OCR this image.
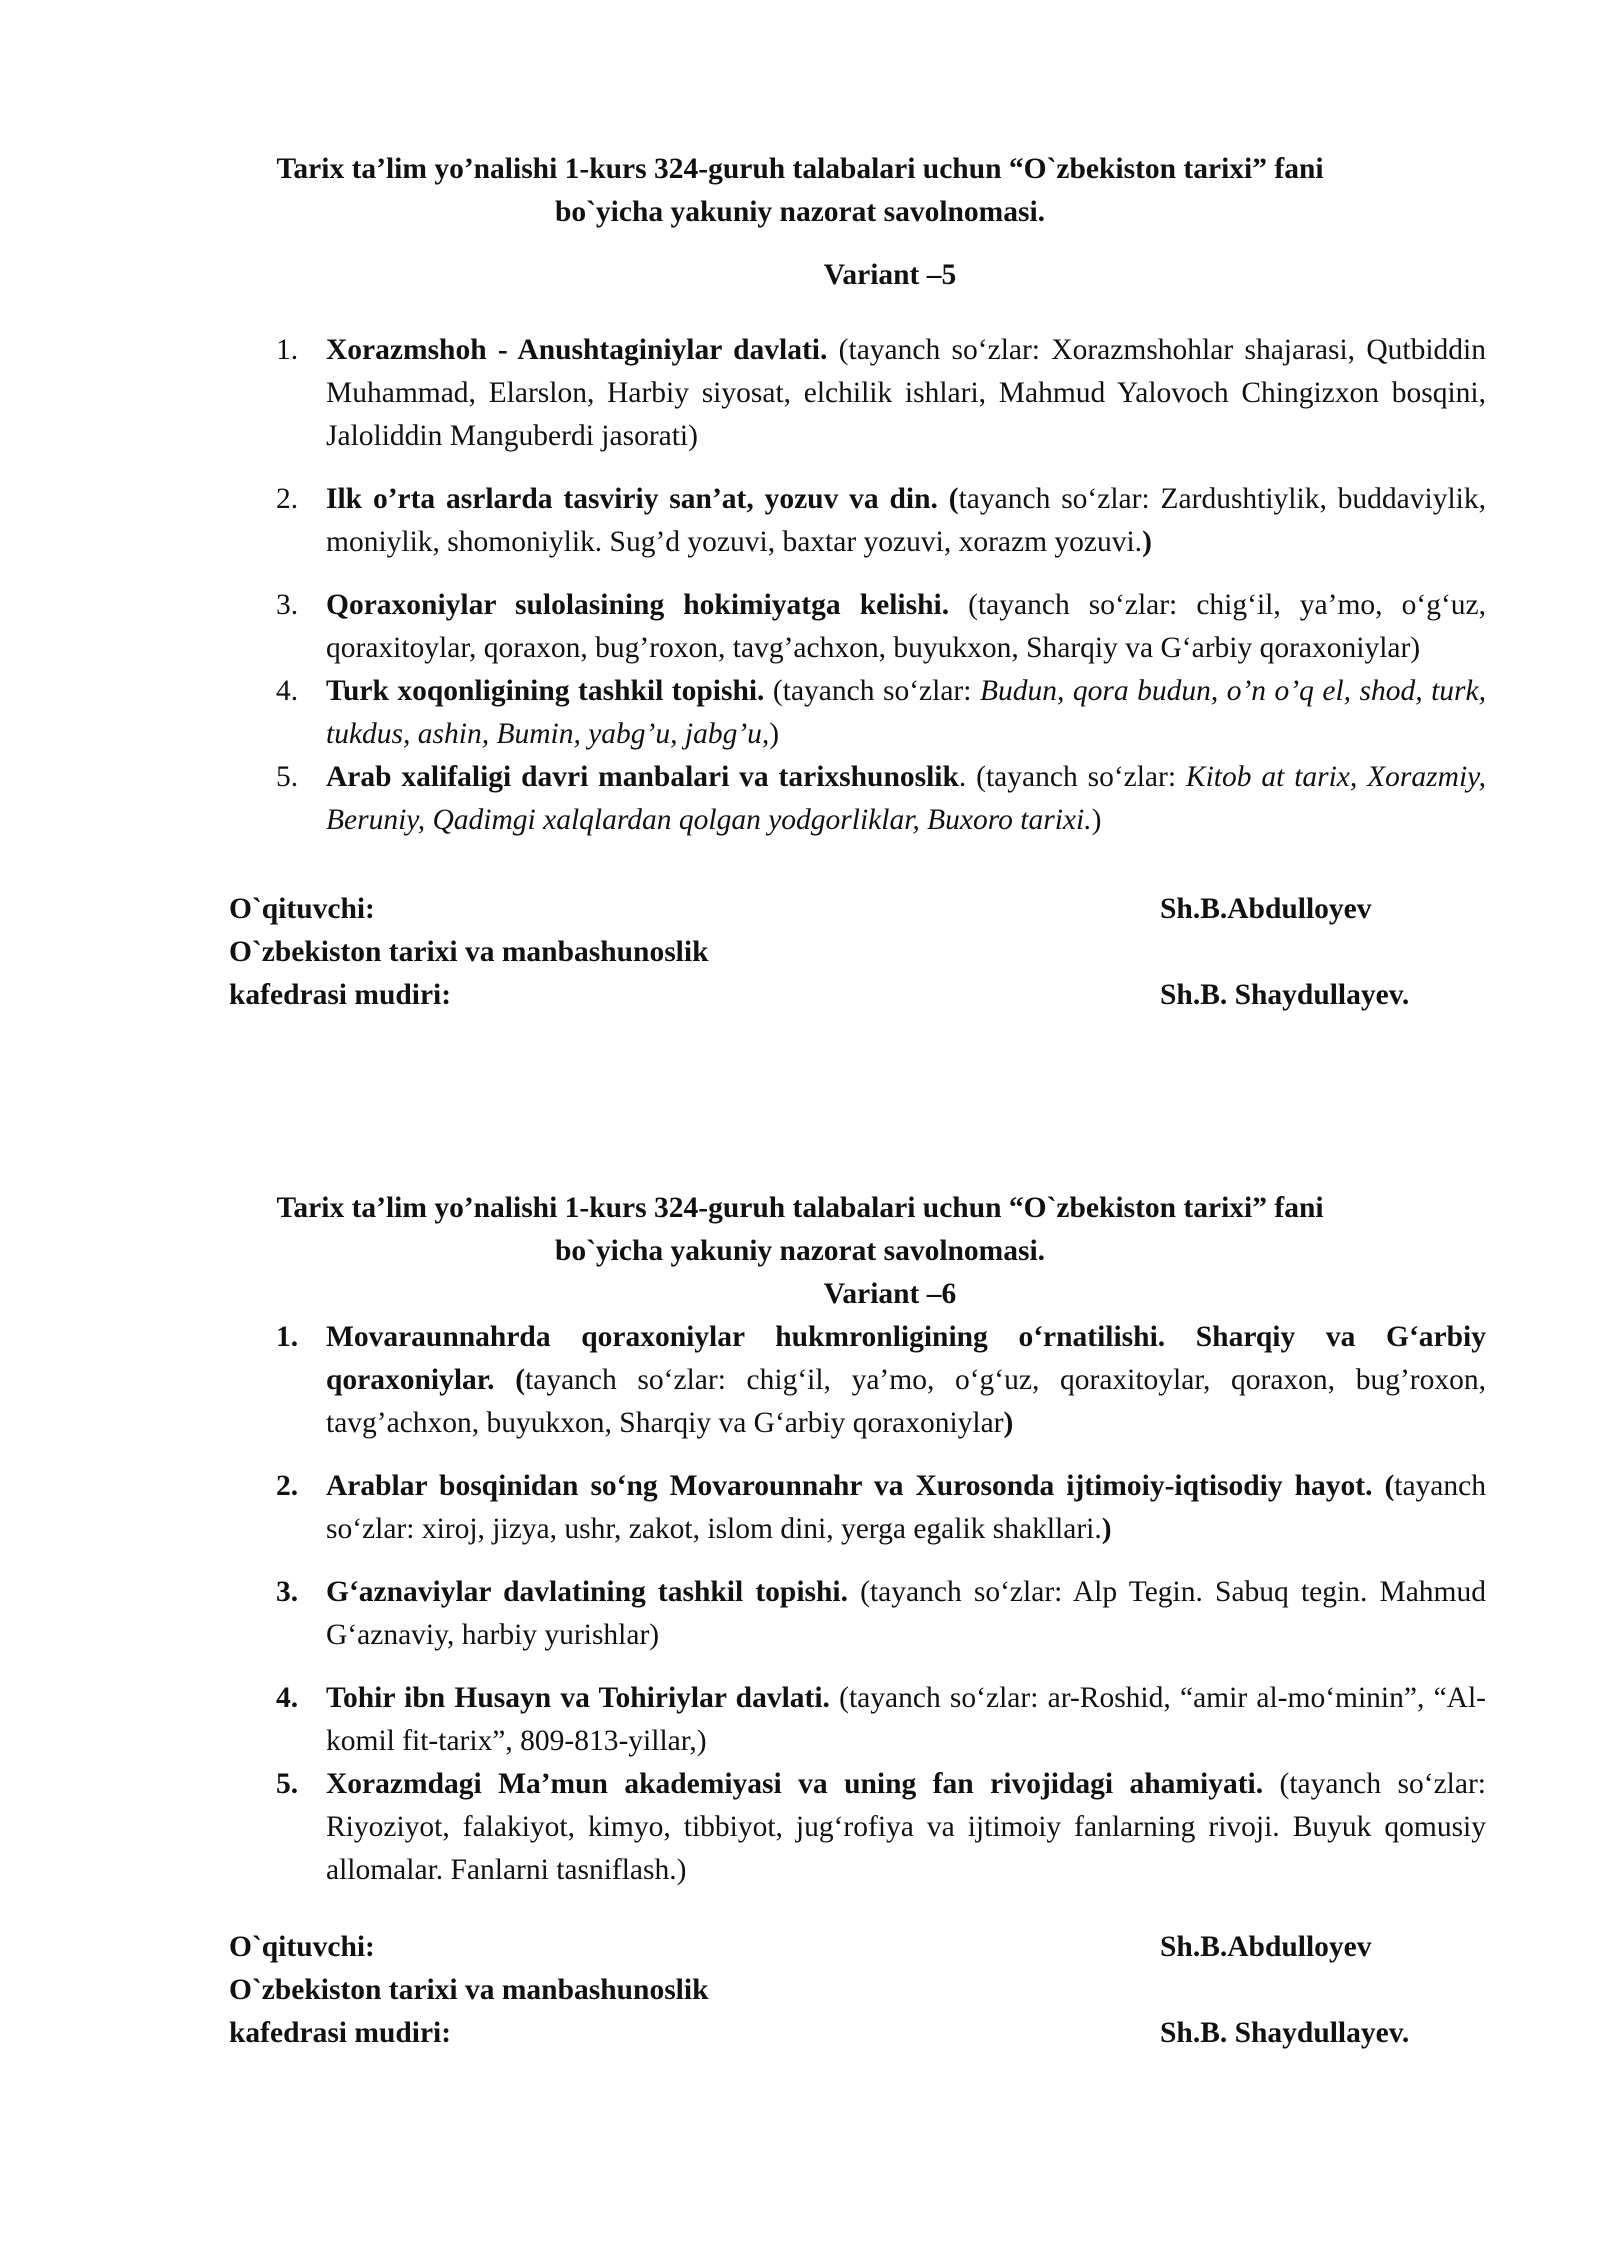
Tarix ta’lim yo’nalishi 1-kurs 324-guruh talabalari uchun “O`zbekiston tarixi” fani

bo`yicha yakuniy nazorat savolnomasi.

Variant –5
1. Xorazmshoh - Anushtaginiylar davlati. (tayanch so‘zlar: Xorazmshohlar shajarasi, Qutbiddin Muhammad, Elarslon, Harbiy siyosat, elchilik ishlari, Mahmud Yalovoch Chingizxon bosqini, Jaloliddin Manguberdi jasorati)
2. Ilk o’rta asrlarda tasviriy san’at, yozuv va din. (tayanch so‘zlar: Zardushtiylik, buddaviylik, moniylik, shomoniylik. Sug’d yozuvi, baxtar yozuvi, xorazm yozuvi.)
3. Qoraxoniylar sulolasining hokimiyatga kelishi. (tayanch so‘zlar: chig‘il, ya’mo, o‘g‘uz, qoraxitoylar, qoraxon, bug’roxon, tavg’achxon, buyukxon, Sharqiy va G‘arbiy qoraxoniylar)
4. Turk xoqonligining tashkil topishi. (tayanch so‘zlar: Budun, qora budun, o’n o’q el, shod, turk, tukdus, ashin, Bumin, yabg’u, jabg’u,)
5. Arab xalifaligi davri manbalari va tarixshunoslik. (tayanch so‘zlar: Kitob at tarix, Xorazmiy, Beruniy, Qadimgi xalqlardan qolgan yodgorliklar, Buxoro tarixi.)
O`qituvchi:
O`zbekiston tarixi va manbashunoslik
kafedrasi mudiri:
Sh.B.Abdulloyev
Sh.B. Shaydullayev.

Tarix ta’lim yo’nalishi 1-kurs 324-guruh talabalari uchun “O`zbekiston tarixi” fani

bo`yicha yakuniy nazorat savolnomasi.

Variant –6
1. Movaraunnahrda qoraxoniylar hukmronligining o‘rnatilishi. Sharqiy va G‘arbiy qoraxoniylar. (tayanch so‘zlar: chig‘il, ya’mo, o‘g‘uz, qoraxitoylar, qoraxon, bug’roxon, tavg’achxon, buyukxon, Sharqiy va G‘arbiy qoraxoniylar)
2. Arablar bosqinidan so‘ng Movarounnahr va Xurosonda ijtimoiy-iqtisodiy hayot. (tayanch so‘zlar: xiroj, jizya, ushr, zakot, islom dini, yerga egalik shakllari.)
3. G‘aznaviylar davlatining tashkil topishi. (tayanch so‘zlar: Alp Tegin. Sabuq tegin. Mahmud G‘aznaviy, harbiy yurishlar)
4. Tohir ibn Husayn va Tohiriylar davlati. (tayanch so‘zlar: ar-Roshid, “amir al-mo‘minin”, “Al-komil fit-tarix”, 809-813-yillar,)
5. Xorazmdagi Ma’mun akademiyasi va uning fan rivojidagi ahamiyati. (tayanch so‘zlar: Riyoziyot, falakiyot, kimyo, tibbiyot, jug‘rofiya va ijtimoiy fanlarning rivoji. Buyuk qomusiy allomalar. Fanlarni tasniflash.)
O`qituvchi:
O`zbekiston tarixi va manbashunoslik
kafedrasi mudiri:
Sh.B.Abdulloyev
Sh.B. Shaydullayev.
